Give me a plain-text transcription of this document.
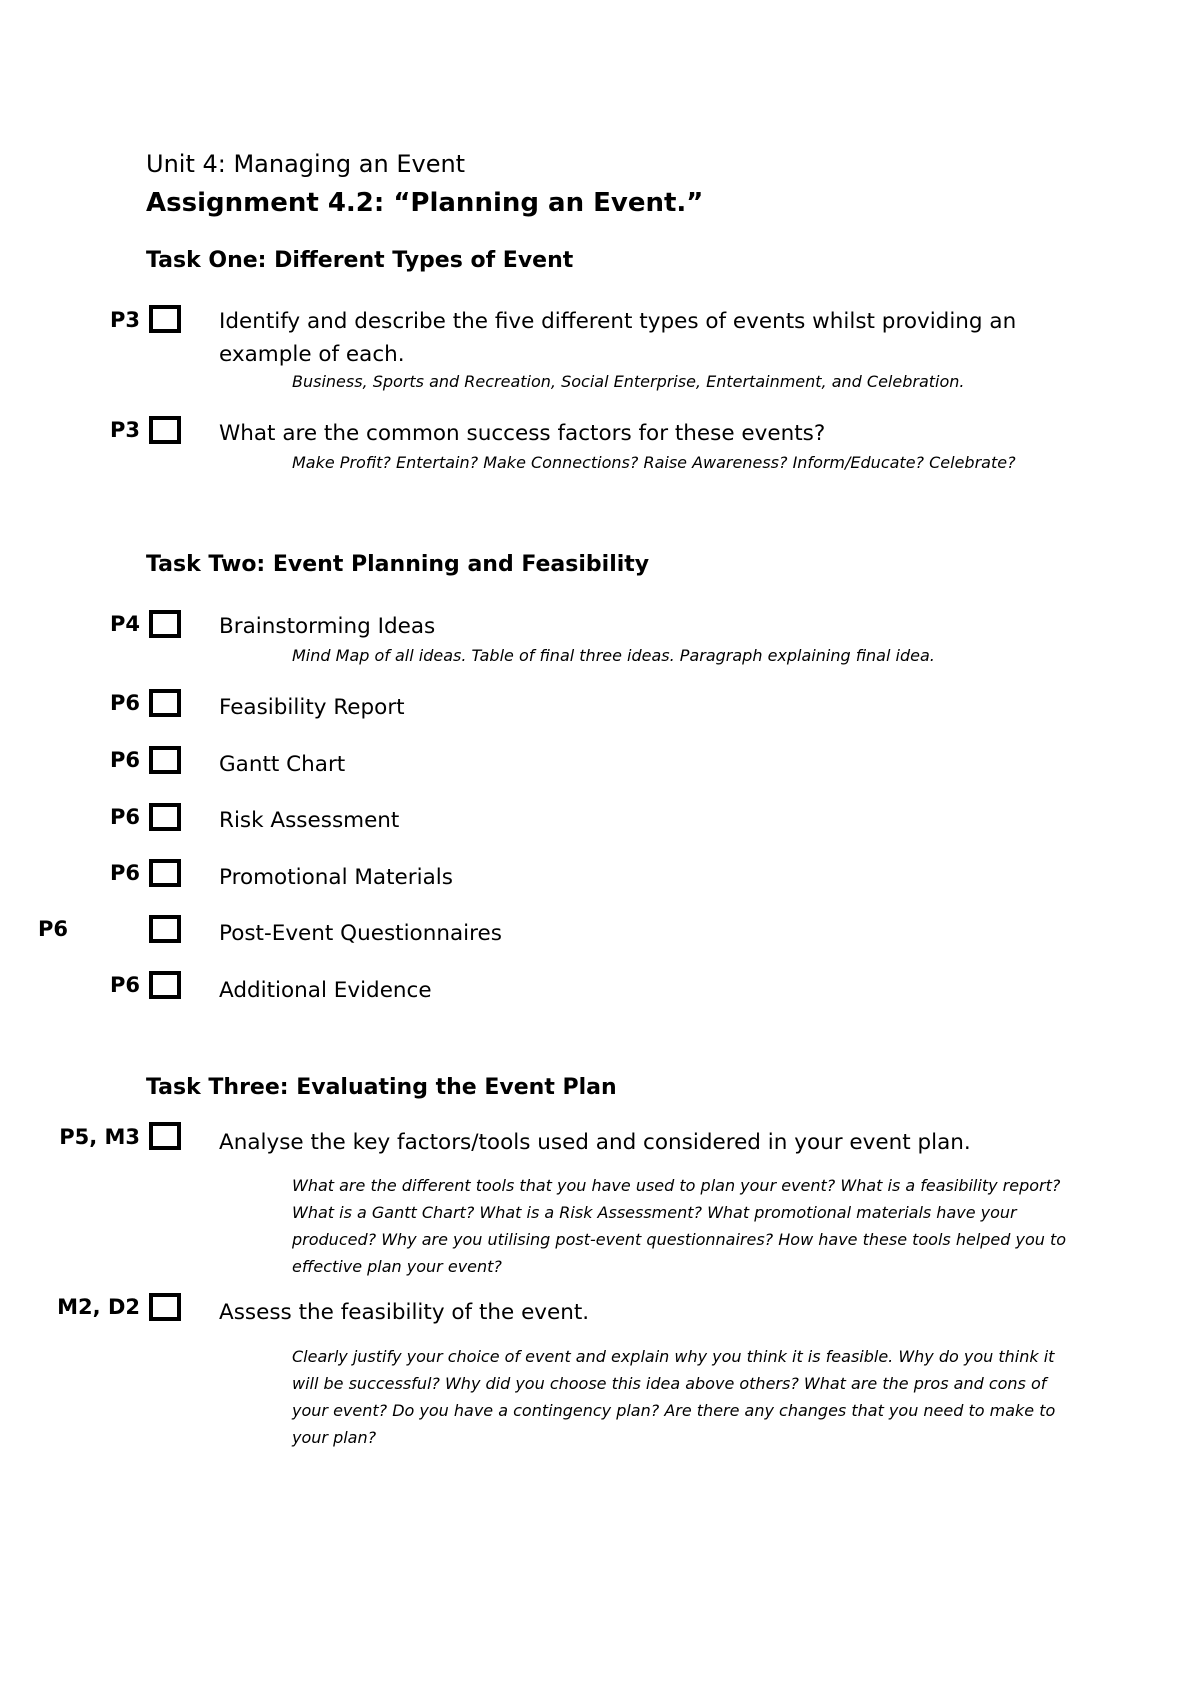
Unit 4: Managing an Event
Assignment 4.2: “Planning an Event.”
Task One: Different Types of Event
P3	Identify and describe the five different types of events whilst providing an example of each.
Business, Sports and Recreation, Social Enterprise, Entertainment, and Celebration.
P3	What are the common success factors for these events?
Make Profit? Entertain? Make Connections? Raise Awareness? Inform/Educate? Celebrate?
Task Two: Event Planning and Feasibility
P4	Brainstorming Ideas
Mind Map of all ideas. Table of final three ideas. Paragraph explaining final idea.
P6	Feasibility Report
P6	Gantt Chart
P6	Risk Assessment
P6	Promotional Materials
P6	Post-Event Questionnaires
P6	Additional Evidence
Task Three: Evaluating the Event Plan
P5, M3	Analyse the key factors/tools used and considered in your event plan.
What are the different tools that you have used to plan your event? What is a feasibility report? What is a Gantt Chart? What is a Risk Assessment? What promotional materials have your produced? Why are you utilising post-event questionnaires? How have these tools helped you to effective plan your event?
M2, D2	Assess the feasibility of the event.
Clearly justify your choice of event and explain why you think it is feasible. Why do you think it will be successful? Why did you choose this idea above others? What are the pros and cons of your event? Do you have a contingency plan? Are there any changes that you need to make to your plan?
